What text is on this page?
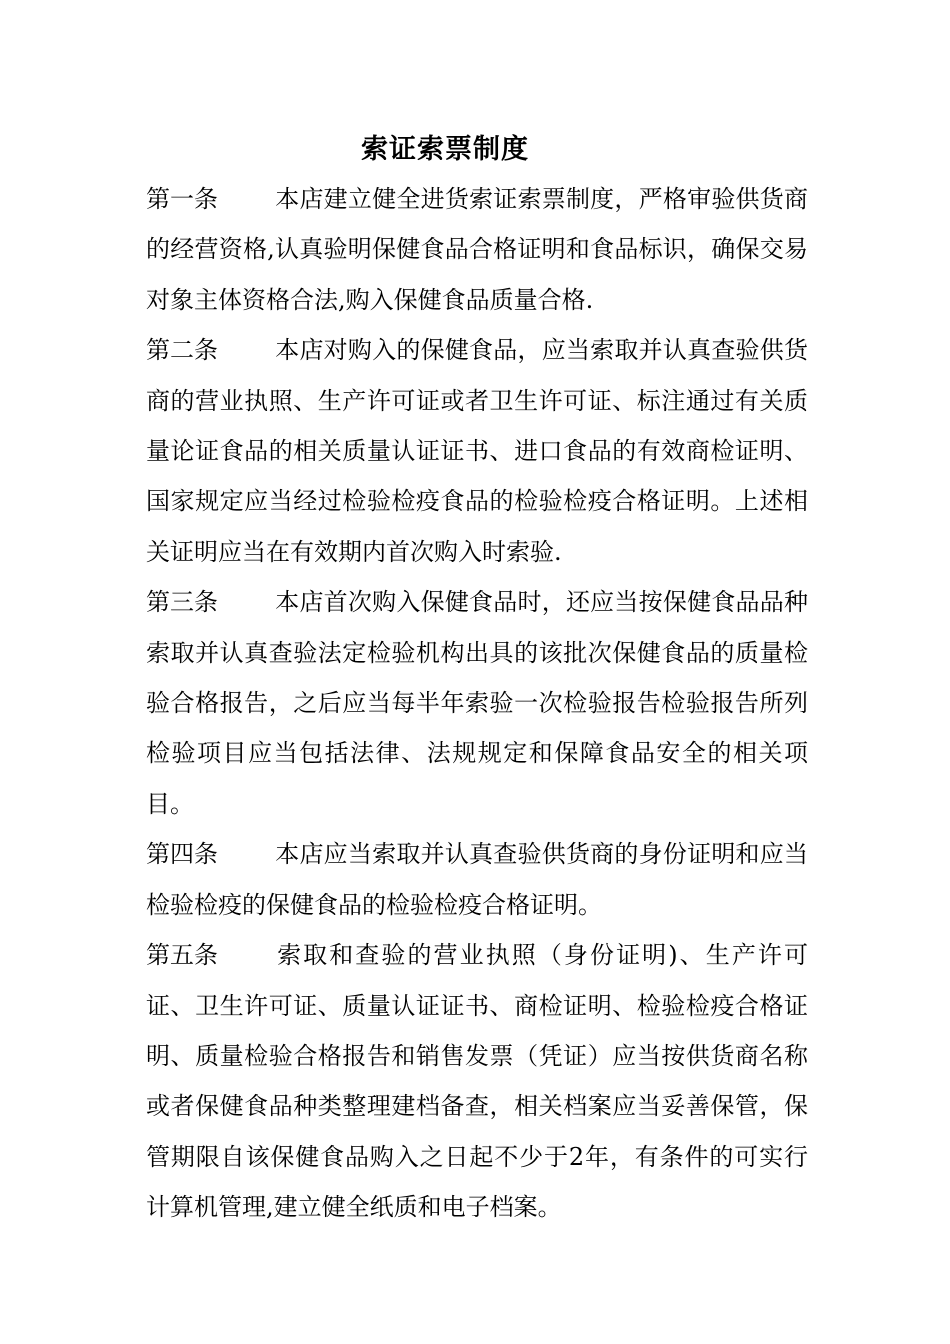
索证索票制度

第一条 本店建立健全进货索证索票制度，严格审验供货商的经营资格,认真验明保健食品合格证明和食品标识，确保交易对象主体资格合法,购入保健食品质量合格.

第二条 本店对购入的保健食品，应当索取并认真查验供货商的营业执照、生产许可证或者卫生许可证、标注通过有关质量论证食品的相关质量认证证书、进口食品的有效商检证明、国家规定应当经过检验检疫食品的检验检疫合格证明。上述相关证明应当在有效期内首次购入时索验.

第三条 本店首次购入保健食品时，还应当按保健食品品种索取并认真查验法定检验机构出具的该批次保健食品的质量检验合格报告，之后应当每半年索验一次检验报告检验报告所列检验项目应当包括法律、法规规定和保障食品安全的相关项目。

第四条 本店应当索取并认真查验供货商的身份证明和应当检验检疫的保健食品的检验检疫合格证明。

第五条 索取和查验的营业执照（身份证明)、生产许可证、卫生许可证、质量认证证书、商检证明、检验检疫合格证明、质量检验合格报告和销售发票（凭证）应当按供货商名称或者保健食品种类整理建档备查，相关档案应当妥善保管，保管期限自该保健食品购入之日起不少于2年，有条件的可实行计算机管理,建立健全纸质和电子档案。
